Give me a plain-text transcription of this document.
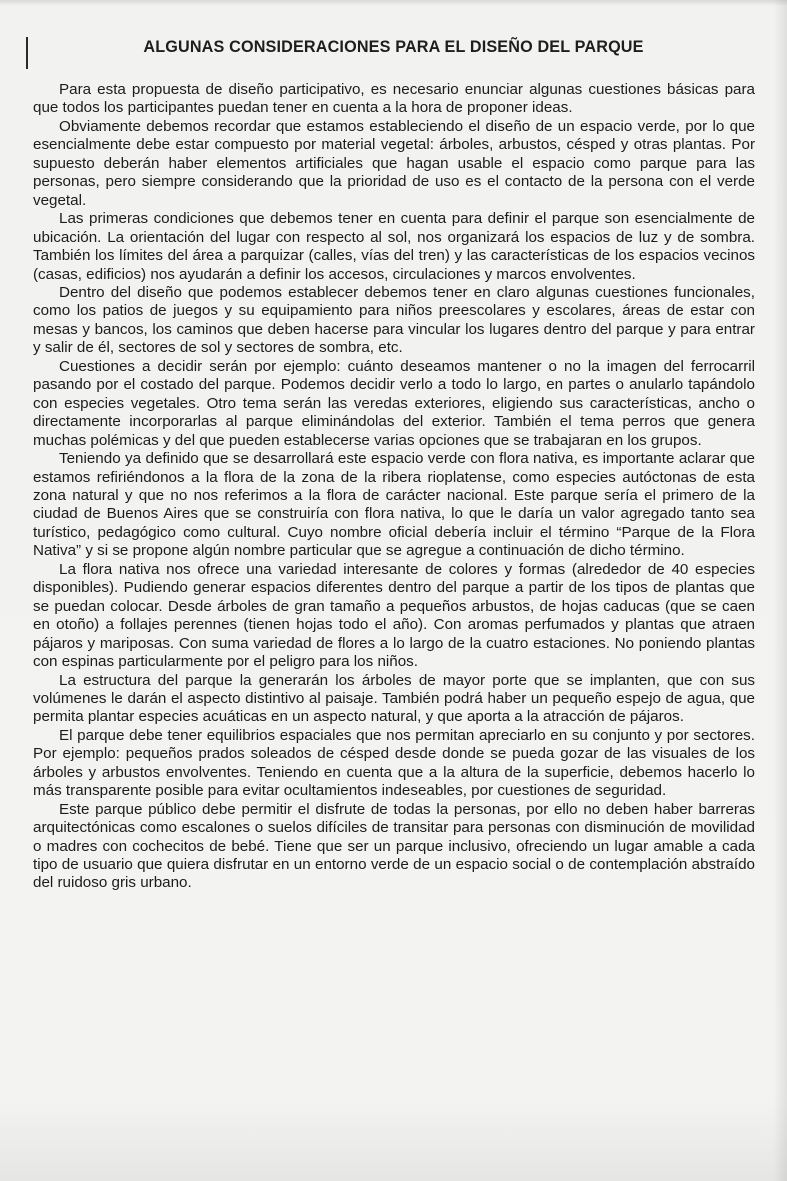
ALGUNAS CONSIDERACIONES PARA EL DISEÑO DEL PARQUE

Para esta propuesta de diseño participativo, es necesario enunciar algunas cuestiones básicas para que todos los participantes puedan tener en cuenta a la hora de proponer ideas.

Obviamente debemos recordar que estamos estableciendo el diseño de un espacio verde, por lo que esencialmente debe estar compuesto por material vegetal: árboles, arbustos, césped y otras plantas. Por supuesto deberán haber elementos artificiales que hagan usable el espacio como parque para las personas, pero siempre considerando que la prioridad de uso es el contacto de la persona con el verde vegetal.

Las primeras condiciones que debemos tener en cuenta para definir el parque son esencialmente de ubicación. La orientación del lugar con respecto al sol, nos organizará los espacios de luz y de sombra. También los límites del área a parquizar (calles, vías del tren) y las características de los espacios vecinos (casas, edificios) nos ayudarán a definir los accesos, circulaciones y marcos envolventes.

Dentro del diseño que podemos establecer debemos tener en claro algunas cuestiones funcionales, como los patios de juegos y su equipamiento para niños preescolares y escolares, áreas de estar con mesas y bancos, los caminos que deben hacerse para vincular los lugares dentro del parque y para entrar y salir de él, sectores de sol y sectores de sombra, etc.

Cuestiones a decidir serán por ejemplo: cuánto deseamos mantener o no la imagen del ferrocarril pasando por el costado del parque. Podemos decidir verlo a todo lo largo, en partes o anularlo tapándolo con especies vegetales. Otro tema serán las veredas exteriores, eligiendo sus características, ancho o directamente incorporarlas al parque eliminándolas del exterior. También el tema perros que genera muchas polémicas y del que pueden establecerse varias opciones que se trabajaran en los grupos.

Teniendo ya definido que se desarrollará este espacio verde con flora nativa, es importante aclarar que estamos refiriéndonos a la flora de la zona de la ribera rioplatense, como especies autóctonas de esta zona natural y que no nos referimos a la flora de carácter nacional. Este parque sería el primero de la ciudad de Buenos Aires que se construiría con flora nativa, lo que le daría un valor agregado tanto sea turístico, pedagógico como cultural. Cuyo nombre oficial debería incluir el término “Parque de la Flora Nativa” y si se propone algún nombre particular que se agregue a continuación de dicho término.

La flora nativa nos ofrece una variedad interesante de colores y formas (alrededor de 40 especies disponibles). Pudiendo generar espacios diferentes dentro del parque a partir de los tipos de plantas que se puedan colocar. Desde árboles de gran tamaño a pequeños arbustos, de hojas caducas (que se caen en otoño) a follajes perennes (tienen hojas todo el año). Con aromas perfumados y plantas que atraen pájaros y mariposas. Con suma variedad de flores a lo largo de la cuatro estaciones. No poniendo plantas con espinas particularmente por el peligro para los niños.

La estructura del parque la generarán los árboles de mayor porte que se implanten, que con sus volúmenes le darán el aspecto distintivo al paisaje. También podrá haber un pequeño espejo de agua, que permita plantar especies acuáticas en un aspecto natural, y que aporta a la atracción de pájaros.

El parque debe tener equilibrios espaciales que nos permitan apreciarlo en su conjunto y por sectores. Por ejemplo: pequeños prados soleados de césped desde donde se pueda gozar de las visuales de los árboles y arbustos envolventes. Teniendo en cuenta que a la altura de la superficie, debemos hacerlo lo más transparente posible para evitar ocultamientos indeseables, por cuestiones de seguridad.

Este parque público debe permitir el disfrute de todas la personas, por ello no deben haber barreras arquitectónicas como escalones o suelos difíciles de transitar para personas con disminución de movilidad o madres con cochecitos de bebé. Tiene que ser un parque inclusivo, ofreciendo un lugar amable a cada tipo de usuario que quiera disfrutar en un entorno verde de un espacio social o de contemplación abstraído del ruidoso gris urbano.
